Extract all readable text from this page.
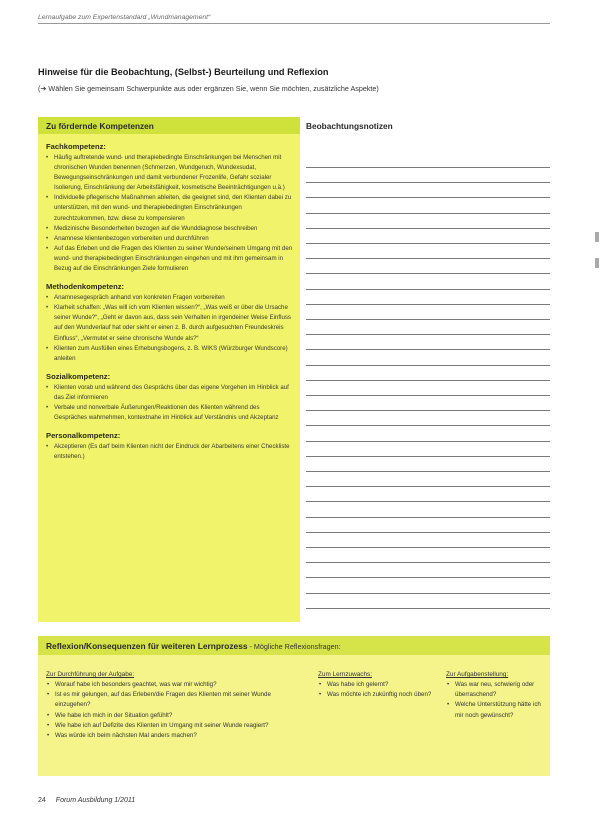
Lernaufgabe zum Expertenstandard „Wundmanagement“
Hinweise für die Beobachtung, (Selbst-) Beurteilung und Reflexion
(➔ Wählen Sie gemeinsam Schwerpunkte aus oder ergänzen Sie, wenn Sie möchten, zusätzliche Aspekte)
Zu fördernde Kompetenzen
Fachkompetenz:
• Häufig auftretende wund- und therapiebedingte Einschränkungen bei Menschen mit chronischen Wunden benennen (Schmerzen, Wundgeruch, Wundexsudat, Bewegungseinschränkungen und damit verbundener Frozenlife, Gefahr sozialer Isolierung, Einschränkung der Arbeitsfähigkeit, kosmetische Beeinträchtigungen u.ä.)
• Individuelle pflegerische Maßnahmen ableiten, die geeignet sind, den Klienten dabei zu unterstützen, mit den wund- und therapiebedingten Einschränkungen zurechtzukommen, bzw. diese zu kompensieren
• Medizinische Besonderheiten bezogen auf die Wunddiagnose beschreiben
• Anamnese klientenbezogen vorbereiten und durchführen
• Auf das Erleben und die Fragen des Klienten zu seiner Wunde/seinem Umgang mit den wund- und therapiebedingten Einschränkungen eingehen und mit ihm gemeinsam in Bezug auf die Einschränkungen Ziele formulieren
Methodenkompetenz:
• Anamnesegespräch anhand von konkreten Fragen vorbereiten
• Klarheit schaffen: „Was will ich vom Klienten wissen?“, „Was weiß er über die Ursache seiner Wunde?“, „Geht er davon aus, dass sein Verhalten in irgendeiner Weise Einfluss auf den Wundverlauf hat oder sieht er einen z. B. durch aufgesuchten Freundeskreis Einfluss“, „Vermutet er seine chronische Wunde als?“
• Klienten zum Ausfüllen eines Erhebungsbogens, z. B. WIKS (Würzburger Wundscore) anleiten
Sozialkompetenz:
• Klienten vorab und während des Gesprächs über das eigene Vorgehen im Hinblick auf das Ziel informieren
• Verbale und nonverbale Äußerungen/Reaktionen des Klienten während des Gespräches wahrnehmen, kontextnahe im Hinblick auf Verständnis und Akzeptanz
Personalkompetenz:
• Akzeptieren (Es darf beim Klienten nicht der Eindruck der Abarbeitens einer Checkliste entstehen.)
Beobachtungsnotizen
Reflexion/Konsequenzen für weiteren Lernprozess - Mögliche Reflexionsfragen:
Zur Durchführung der Aufgabe:
• Worauf habe ich besonders geachtet, was war mir wichtig?
• Ist es mir gelungen, auf das Erleben/die Fragen des Klienten mit seiner Wunde einzugehen?
• Wie habe ich mich in der Situation gefühlt?
• Wie habe ich auf Defizite des Klienten im Umgang mit seiner Wunde reagiert?
• Was würde ich beim nächsten Mal anders machen?
Zum Lernzuwachs:
• Was habe ich gelernt?
• Was möchte ich zukünftig noch üben?
Zur Aufgabenstellung:
• Was war neu, schwierig oder überraschend?
• Welche Unterstützung hätte ich mir noch gewünscht?
24 Forum Ausbildung 1/2011
